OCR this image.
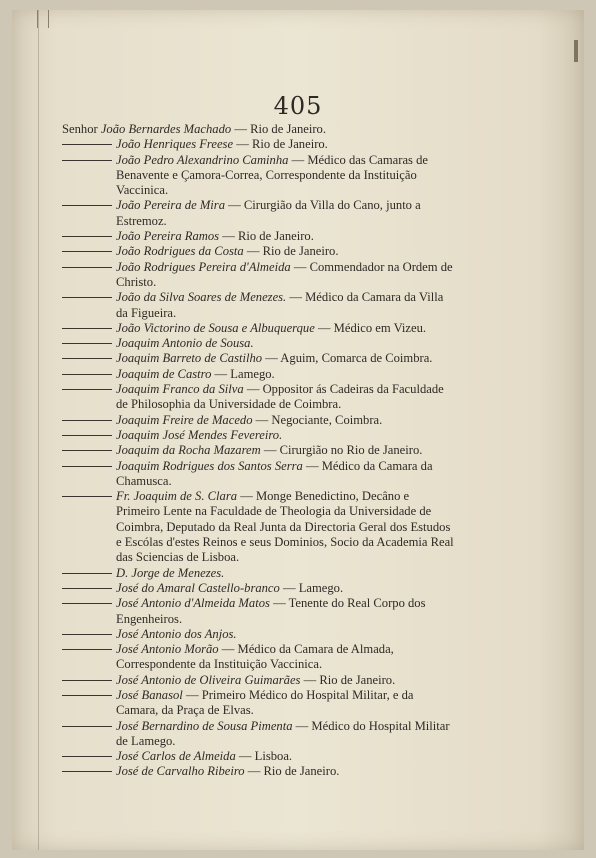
405
Senhor João Bernardes Machado — Rio de Janeiro.
João Henriques Freese — Rio de Janeiro.
João Pedro Alexandrino Caminha — Médico das Camaras de Benavente e Çamora-Correa, Correspondente da Instituição Vaccinica.
João Pereira de Mira — Cirurgião da Villa do Cano, junto a Estremoz.
João Pereira Ramos — Rio de Janeiro.
João Rodrigues da Costa — Rio de Janeiro.
João Rodrigues Pereira d'Almeida — Commendador na Ordem de Christo.
João da Silva Soares de Menezes. — Médico da Camara da Villa da Figueira.
João Victorino de Sousa e Albuquerque — Médico em Vizeu.
Joaquim Antonio de Sousa.
Joaquim Barreto de Castilho — Aguim, Comarca de Coimbra.
Joaquim de Castro — Lamego.
Joaquim Franco da Silva — Oppositor ás Cadeiras da Faculdade de Philosophia da Universidade de Coimbra.
Joaquim Freire de Macedo — Negociante, Coimbra.
Joaquim José Mendes Fevereiro.
Joaquim da Rocha Mazarem — Cirurgião no Rio de Janeiro.
Joaquim Rodrigues dos Santos Serra — Médico da Camara da Chamusca.
Fr. Joaquim de S. Clara — Monge Benedictino, Decâno e Primeiro Lente na Faculdade de Theologia da Universidade de Coimbra, Deputado da Real Junta da Directoria Geral dos Estudos e Escólas d'estes Reinos e seus Dominios, Socio da Academia Real das Sciencias de Lisboa.
D. Jorge de Menezes.
José do Amaral Castello-branco — Lamego.
José Antonio d'Almeida Matos — Tenente do Real Corpo dos Engenheiros.
José Antonio dos Anjos.
José Antonio Morão — Médico da Camara de Almada, Correspondente da Instituição Vaccinica.
José Antonio de Oliveira Guimarães — Rio de Janeiro.
José Banasol — Primeiro Médico do Hospital Militar, e da Camara, da Praça de Elvas.
José Bernardino de Sousa Pimenta — Médico do Hospital Militar de Lamego.
José Carlos de Almeida — Lisboa.
José de Carvalho Ribeiro — Rio de Janeiro.
